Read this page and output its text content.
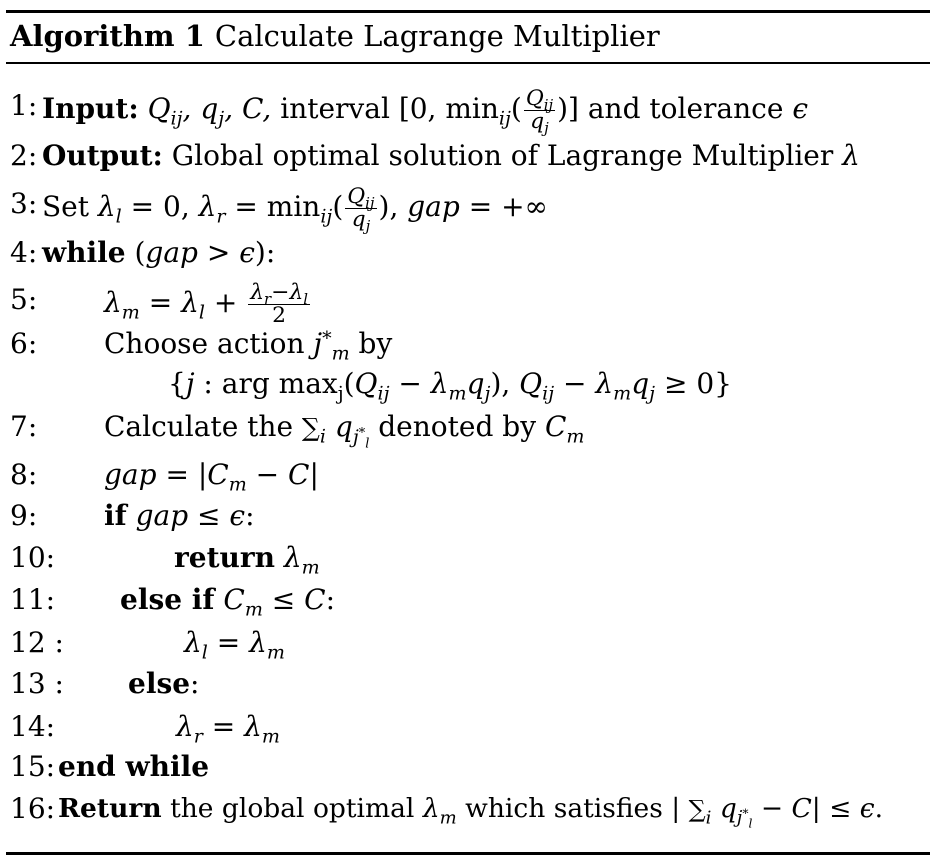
Algorithm 1 Calculate Lagrange Multiplier
1: Input: $Q_{ij}$, $q_j$, C, interval [0, $\min_{ij}( \frac{Q_{ij}}{q_j}$ )] and tolerance ϵ
2: Output: Global optimal solution of Lagrange Multiplier λ
3: Set $\lambda_l = 0$, $\lambda_r = \min_{ij}( \frac{Q_{ij}}{q_j}$ ), gap = +∞
4: while (gap > ϵ):
5: $\lambda_m = \lambda_l + \frac{\lambda_r-\lambda_l}{2}$
6: Choose action $j^*_m$ by
{j : arg $\max_j(Q_{ij} - \lambda_mq_j)$, $Q_{ij} - \lambda_mq_j \ge 0$}
7: Calculate the $\sum_i$ $q_{j^*_l}$ denoted by $C_m$
8: gap = $|C_m - C|$
9: if gap ≤ ϵ:
10:	return $\lambda_m$
11: else if $C_m \le C$:
12 :	$\lambda_l = \lambda_m$
13 : else:
14:	$\lambda_r = \lambda_m$
15: end while
16: Return the global optimal $\lambda_m$ which satisfies | $\sum_i$ $q_{j^*_l} - C| \le \epsilon$.
